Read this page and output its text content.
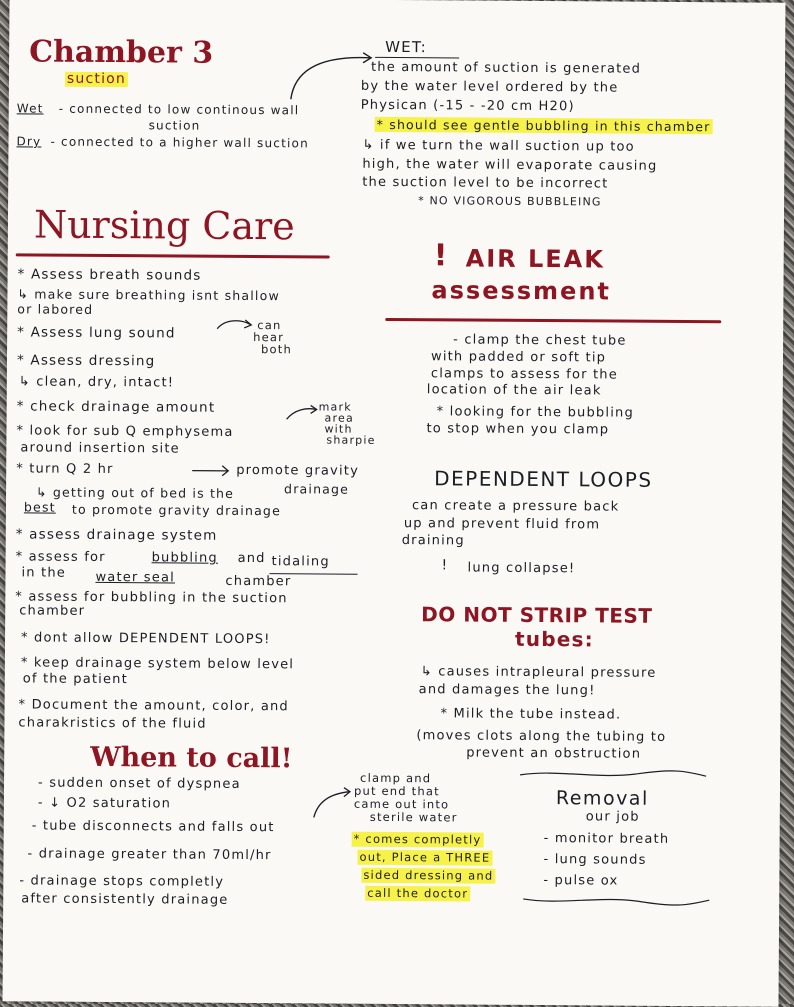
Chamber 3
suction
Wet - connected to low continous wall
suction
Dry - connected to a higher wall suction
WET:
the amount of suction is generated
by the water level ordered by the
Physican (-15 - -20 cm H20)
* should see gentle bubbling in this chamber
↳ if we turn the wall suction up too
high, the water will evaporate causing
the suction level to be incorrect
* NO VIGOROUS BUBBLEING
Nursing Care
* Assess breath sounds
↳ make sure breathing isnt shallow
or labored
* Assess lung sound	can
hear
both
* Assess dressing
↳ clean, dry, intact!
* check drainage amount	mark
area
with
sharpie
* look for sub Q emphysema
around insertion site
* turn Q 2 hr	promote gravity
drainage
↳ getting out of bed is the
best to promote gravity drainage
* assess drainage system
* assess for	bubbling and tidaling
in the water seal	chamber
* assess for bubbling in the suction
chamber
* dont allow DEPENDENT LOOPS!
* keep drainage system below level
of the patient
* Document the amount, color, and
charakristics of the fluid
When to call!
- sudden onset of dyspnea
- ↓ O2 saturation
- tube disconnects and falls out
- drainage greater than 70ml/hr
- drainage stops completly
after consistently drainage
clamp and
put end that
came out into
sterile water
* comes completly
out, Place a THREE
sided dressing and
call the doctor
! AIR LEAK
assessment
- clamp the chest tube
with padded or soft tip
clamps to assess for the
location of the air leak
* looking for the bubbling
to stop when you clamp
DEPENDENT LOOPS
can create a pressure back
up and prevent fluid from
draining
! lung collapse!
DO NOT STRIP TEST
tubes:
↳ causes intrapleural pressure
and damages the lung!
* Milk the tube instead.
(moves clots along the tubing to
prevent an obstruction
Removal
our job
- monitor breath
- lung sounds
- pulse ox
